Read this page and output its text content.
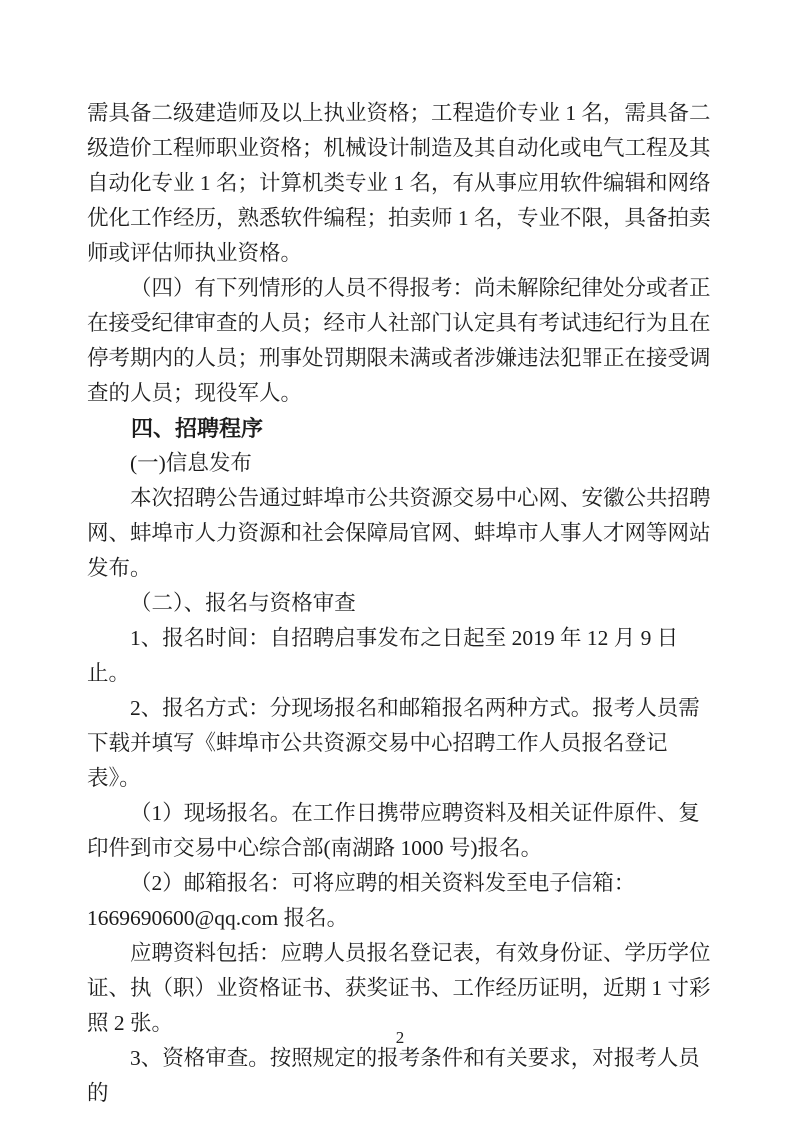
需具备二级建造师及以上执业资格；工程造价专业 1 名，需具备二级造价工程师职业资格；机械设计制造及其自动化或电气工程及其自动化专业 1 名；计算机类专业 1 名，有从事应用软件编辑和网络优化工作经历，熟悉软件编程；拍卖师 1 名，专业不限，具备拍卖师或评估师执业资格。

（四）有下列情形的人员不得报考：尚未解除纪律处分或者正在接受纪律审查的人员；经市人社部门认定具有考试违纪行为且在停考期内的人员；刑事处罚期限未满或者涉嫌违法犯罪正在接受调查的人员；现役军人。

四、招聘程序

(一)信息发布

本次招聘公告通过蚌埠市公共资源交易中心网、安徽公共招聘网、蚌埠市人力资源和社会保障局官网、蚌埠市人事人才网等网站发布。

（二）、报名与资格审查

1、报名时间：自招聘启事发布之日起至 2019 年 12 月 9 日止。

2、报名方式：分现场报名和邮箱报名两种方式。报考人员需下载并填写《蚌埠市公共资源交易中心招聘工作人员报名登记表》。

（1）现场报名。在工作日携带应聘资料及相关证件原件、复印件到市交易中心综合部(南湖路 1000 号)报名。

（2）邮箱报名：可将应聘的相关资料发至电子信箱：1669690600@qq.com 报名。

应聘资料包括：应聘人员报名登记表，有效身份证、学历学位证、执（职）业资格证书、获奖证书、工作经历证明，近期 1 寸彩照 2 张。

3、资格审查。按照规定的报考条件和有关要求，对报考人员的

2
